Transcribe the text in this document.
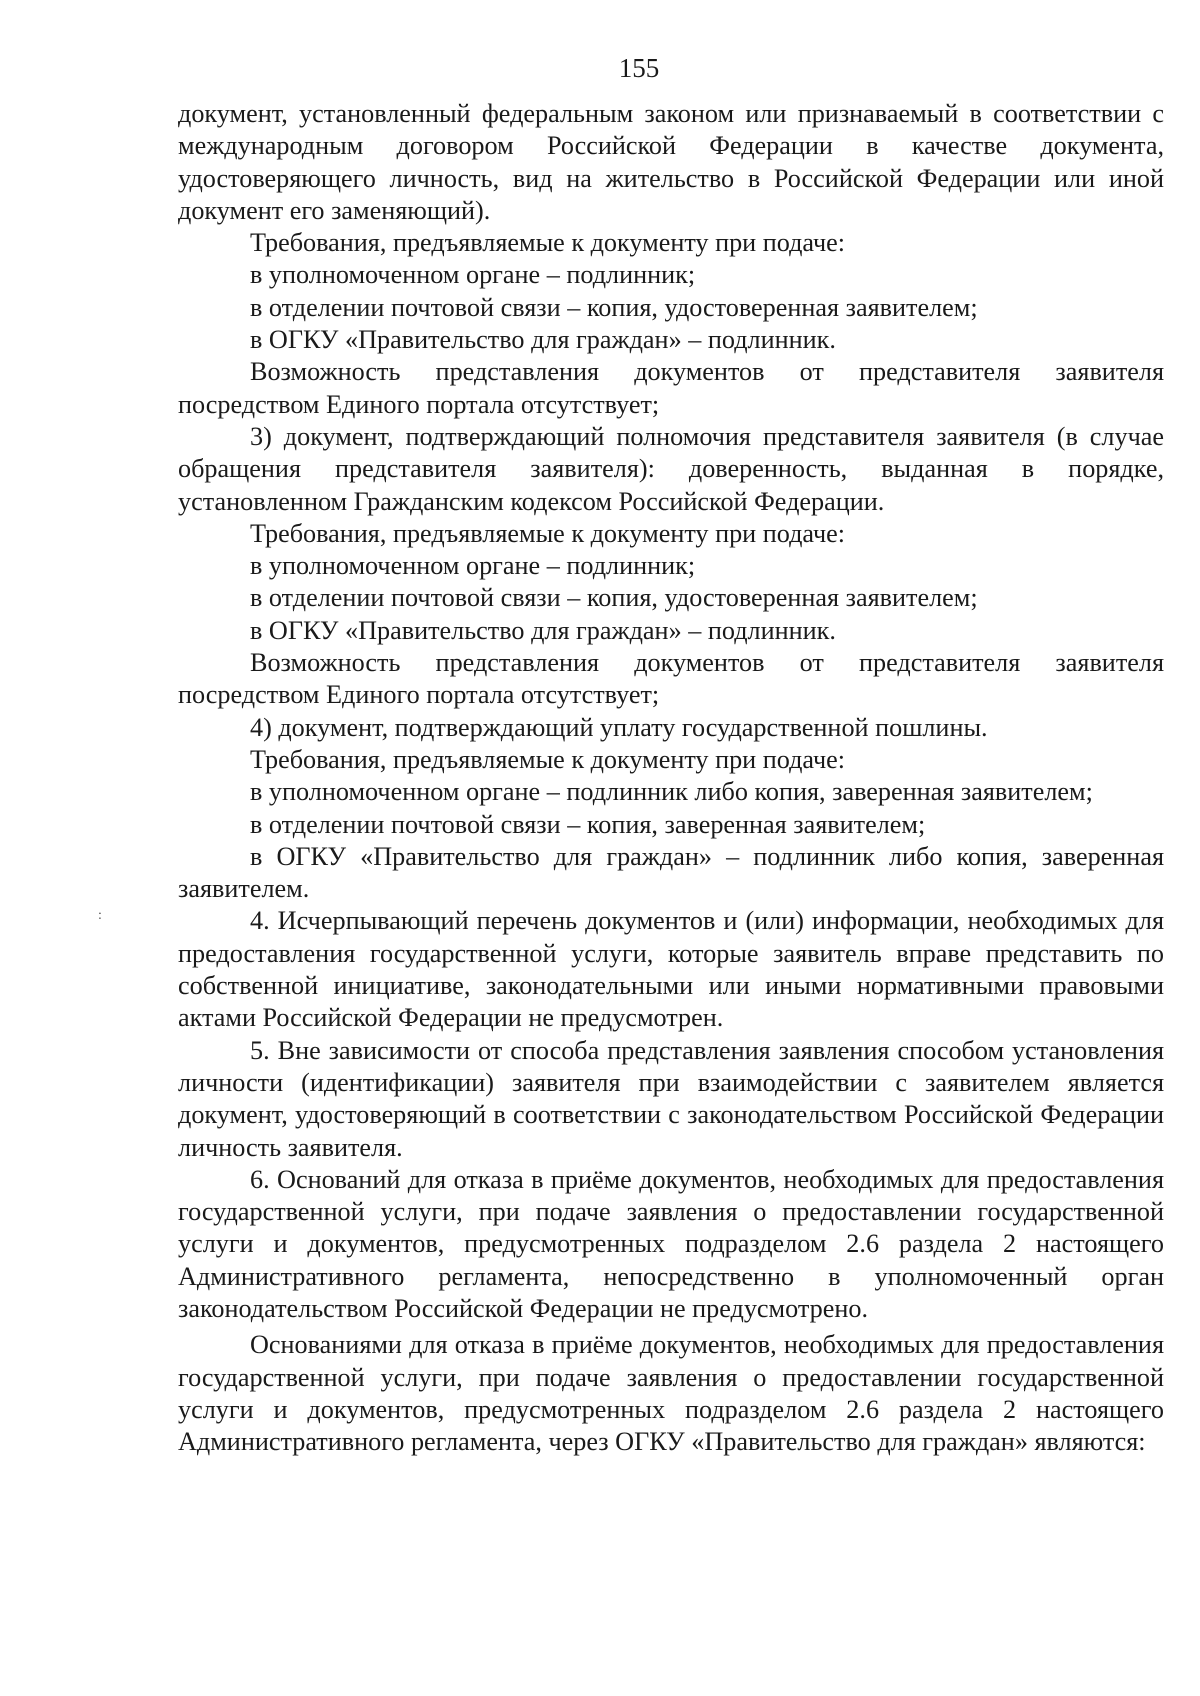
155
:

документ, установленный федеральным законом или признаваемый в соответствии с международным договором Российской Федерации в качестве документа, удостоверяющего личность, вид на жительство в Российской Федерации или иной документ его заменяющий).

Требования, предъявляемые к документу при подаче:

в уполномоченном органе – подлинник;

в отделении почтовой связи – копия, удостоверенная заявителем;

в ОГКУ «Правительство для граждан» – подлинник.

Возможность представления документов от представителя заявителя посредством Единого портала отсутствует;

3) документ, подтверждающий полномочия представителя заявителя (в случае обращения представителя заявителя): доверенность, выданная в порядке, установленном Гражданским кодексом Российской Федерации.

Требования, предъявляемые к документу при подаче:

в уполномоченном органе – подлинник;

в отделении почтовой связи – копия, удостоверенная заявителем;

в ОГКУ «Правительство для граждан» – подлинник.

Возможность представления документов от представителя заявителя посредством Единого портала отсутствует;

4) документ, подтверждающий уплату государственной пошлины.

Требования, предъявляемые к документу при подаче:

в уполномоченном органе – подлинник либо копия, заверенная заявителем;

в отделении почтовой связи – копия, заверенная заявителем;

в ОГКУ «Правительство для граждан» – подлинник либо копия, заверенная заявителем.

4. Исчерпывающий перечень документов и (или) информации, необходимых для предоставления государственной услуги, которые заявитель вправе представить по собственной инициативе, законодательными или иными нормативными правовыми актами Российской Федерации не предусмотрен.

5. Вне зависимости от способа представления заявления способом установления личности (идентификации) заявителя при взаимодействии с заявителем является документ, удостоверяющий в соответствии с законодательством Российской Федерации личность заявителя.

6. Оснований для отказа в приёме документов, необходимых для предоставления государственной услуги, при подаче заявления о предоставлении государственной услуги и документов, предусмотренных подразделом 2.6 раздела 2 настоящего Административного регламента, непосредственно в уполномоченный орган законодательством Российской Федерации не предусмотрено.

Основаниями для отказа в приёме документов, необходимых для предоставления государственной услуги, при подаче заявления о предоставлении государственной услуги и документов, предусмотренных подразделом 2.6 раздела 2 настоящего Административного регламента, через ОГКУ «Правительство для граждан» являются:
